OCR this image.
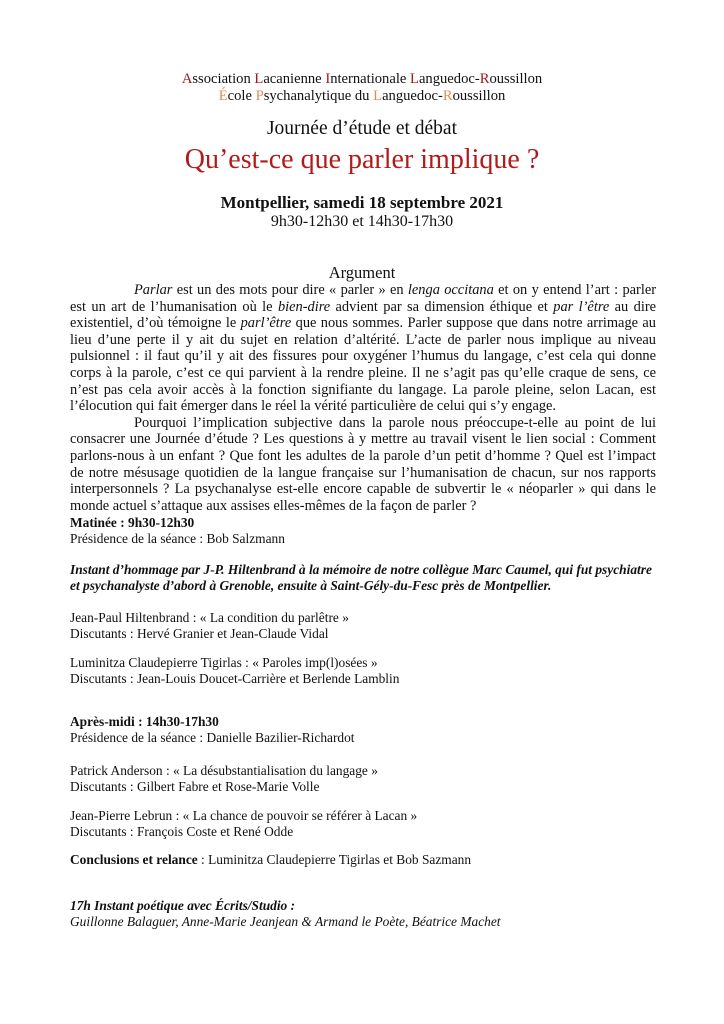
Association Lacanienne Internationale Languedoc-Roussillon
École Psychanalytique du Languedoc-Roussillon
Journée d’étude et débat
Qu’est-ce que parler implique ?
Montpellier, samedi 18 septembre 2021
9h30-12h30 et 14h30-17h30
Argument

Parlar est un des mots pour dire « parler » en lenga occitana et on y entend l’art : parler est un art de l’humanisation où le bien-dire advient par sa dimension éthique et par l’être au dire existentiel, d’où témoigne le parl’être que nous sommes. Parler suppose que dans notre arrimage au lieu d’une perte il y ait du sujet en relation d’altérité. L’acte de parler nous implique au niveau pulsionnel : il faut qu’il y ait des fissures pour oxygéner l’humus du langage, c’est cela qui donne corps à la parole, c’est ce qui parvient à la rendre pleine. Il ne s’agit pas qu’elle craque de sens, ce n’est pas cela avoir accès à la fonction signifiante du langage. La parole pleine, selon Lacan, est l’élocution qui fait émerger dans le réel la vérité particulière de celui qui s’y engage.

Pourquoi l’implication subjective dans la parole nous préoccupe-t-elle au point de lui consacrer une Journée d’étude ? Les questions à y mettre au travail visent le lien social : Comment parlons-nous à un enfant ? Que font les adultes de la parole d’un petit d’homme ? Quel est l’impact de notre mésusage quotidien de la langue française sur l’humanisation de chacun, sur nos rapports interpersonnels ? La psychanalyse est-elle encore capable de subvertir le « néoparler » qui dans le monde actuel s’attaque aux assises elles-mêmes de la façon de parler ?

Matinée : 9h30-12h30
Présidence de la séance : Bob Salzmann
Instant d’hommage par J-P. Hiltenbrand à la mémoire de notre collègue Marc Caumel, qui fut psychiatre et psychanalyste d’abord à Grenoble, ensuite à Saint-Gély-du-Fesc près de Montpellier.
Jean-Paul Hiltenbrand : « La condition du parlêtre »
Discutants : Hervé Granier et Jean-Claude Vidal
Luminitza Claudepierre Tigirlas : « Paroles imp(l)osées »
Discutants : Jean-Louis Doucet-Carrière et Berlende Lamblin
Après-midi : 14h30-17h30
Présidence de la séance : Danielle Bazilier-Richardot
Patrick Anderson : « La désubstantialisation du langage »
Discutants : Gilbert Fabre et Rose-Marie Volle
Jean-Pierre Lebrun : « La chance de pouvoir se référer à Lacan »
Discutants : François Coste et René Odde
Conclusions et relance : Luminitza Claudepierre Tigirlas et Bob Sazmann
17h Instant poétique avec Écrits/Studio :
Guillonne Balaguer, Anne-Marie Jeanjean & Armand le Poète, Béatrice Machet
